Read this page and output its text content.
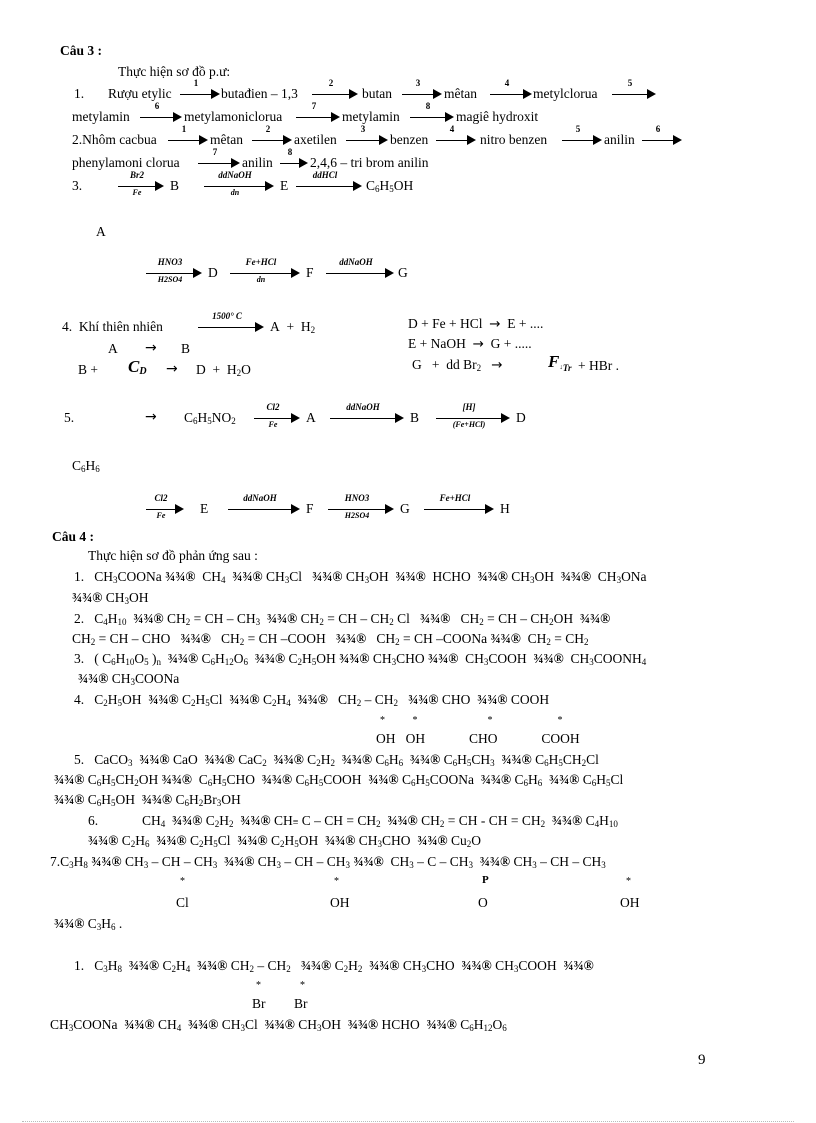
Câu 3 :
Thực hiện sơ đồ p.ư:
1. Rượu etylic
1
butađien – 1,3
2
butan
3
mêtan
4
metylclorua
5
metylamin
6
metylamoniclorua
7
metylamin
8
magiê hydroxit
2.Nhôm cacbua
1
mêtan
2
axetilen
3
benzen
4
nitro benzen
5
anilin
6
phenylamoni clorua
7
anilin
8
2,4,6 – tri brom anilin
3.
Br2
Fe	B
ddNaOH
dn	E
ddHCl
$C_6H_5OH$
A
HNO3
H2SO4	D
Fe+HCl
dn	F
ddNaOH
G
4. Khí thiên nhiên
1500° C
$A + H_2$
A → B
$B + C_D \to D + H_2O$
D + Fe + HCl → E + ....
E + NaOH → G + .....
G   +  dd $Br_2$ →	$F_{↓_{Tr}}$ + HBr .
5.	→ $C_6H_5NO_2$
Cl2
Fe	A
ddNaOH
B
[H]
(Fe+HCl)	D
$C_6H_6$
Cl2
Fe	E
ddNaOH
F
HNO3
H2SO4	G
Fe+HCl
H
Câu 4 :
Thực hiện sơ đồ phản ứng sau :
1.   $CH_3COONa$ ¾¾®  $CH_4$ ¾¾® $CH_3Cl$   ¾¾® $CH_3OH$  ¾¾®  HCHO  ¾¾® $CH_3OH$  ¾¾®  $CH_3ONa$
¾¾® $CH_3OH$
2.   $C_4H_{10}$ ¾¾® $CH_2$ = CH – $CH_3$ ¾¾® $CH_2$ = CH – $CH_2$ Cl   ¾¾®   $CH_2$ = CH – $CH_2OH$  ¾¾®
$CH_2$ = CH – CHO   ¾¾®   $CH_2$ = CH –COOH   ¾¾®   $CH_2$ = CH –COONa ¾¾®  $CH_2 = CH_2$
3.   ( $C_6H_{10}O_5$ )$_n$ ¾¾® $C_6H_{12}O_6$ ¾¾® $C_2H_5OH$ ¾¾® $CH_3CHO$ ¾¾®  $CH_3COOH$  ¾¾®  $CH_3COONH_4$
¾¾® $CH_3COONa$
4.   $C_2H_5OH$  ¾¾® $C_2H_5Cl$  ¾¾® $C_2H_4$ ¾¾®   $CH_2 - CH_2$ ¾¾® CHO  ¾¾® COOH
*           *                            *                          *
OH   OH             CHO             COOH
5.   CaCO$_3$ ¾¾® CaO  ¾¾® CaC$_2$ ¾¾® $C_2H_2$ ¾¾® $C_6H_6$ ¾¾® $C_6H_5CH_3$ ¾¾® $C_6H_5CH_2Cl$
¾¾® $C_6H_5CH_2OH$ ¾¾®  $C_6H_5CHO$  ¾¾® $C_6H_5COOH$  ¾¾® $C_6H_5COONa$  ¾¾® $C_6H_6$ ¾¾® $C_6H_5Cl$
¾¾® $C_6H_5OH$  ¾¾® $C_6H_2Br_3OH$
6.             $CH_4$ ¾¾® $C_2H_2$ ¾¾® CH≡ C – CH = $CH_2$ ¾¾® $CH_2$ = CH - CH = $CH_2$ ¾¾® $C_4H_{10}$
¾¾® $C_2H_6$ ¾¾® $C_2H_5Cl$  ¾¾® $C_2H_5OH$  ¾¾® $CH_3CHO$  ¾¾® $Cu_2O$
$7.C_3H_8$ ¾¾® $CH_3$ – CH – $CH_3$ ¾¾® $CH_3$ – CH – $CH_3$ ¾¾®  $CH_3$ – C – $CH_3$ ¾¾® $CH_3$ – CH – $CH_3$
*	*	P	*
Cl	OH	O	OH
¾¾® $C_3H_6$ .
1.   $C_3H_8$ ¾¾® $C_2H_4$ ¾¾® $CH_2 - CH_2$ ¾¾® $C_2H_2$ ¾¾® $CH_3CHO$  ¾¾® $CH_3COOH$  ¾¾®
*	*
Br Br
$CH_3COONa$  ¾¾® $CH_4$ ¾¾® $CH_3Cl$  ¾¾® $CH_3OH$  ¾¾® HCHO  ¾¾® $C_6H_{12}O_6$
9
